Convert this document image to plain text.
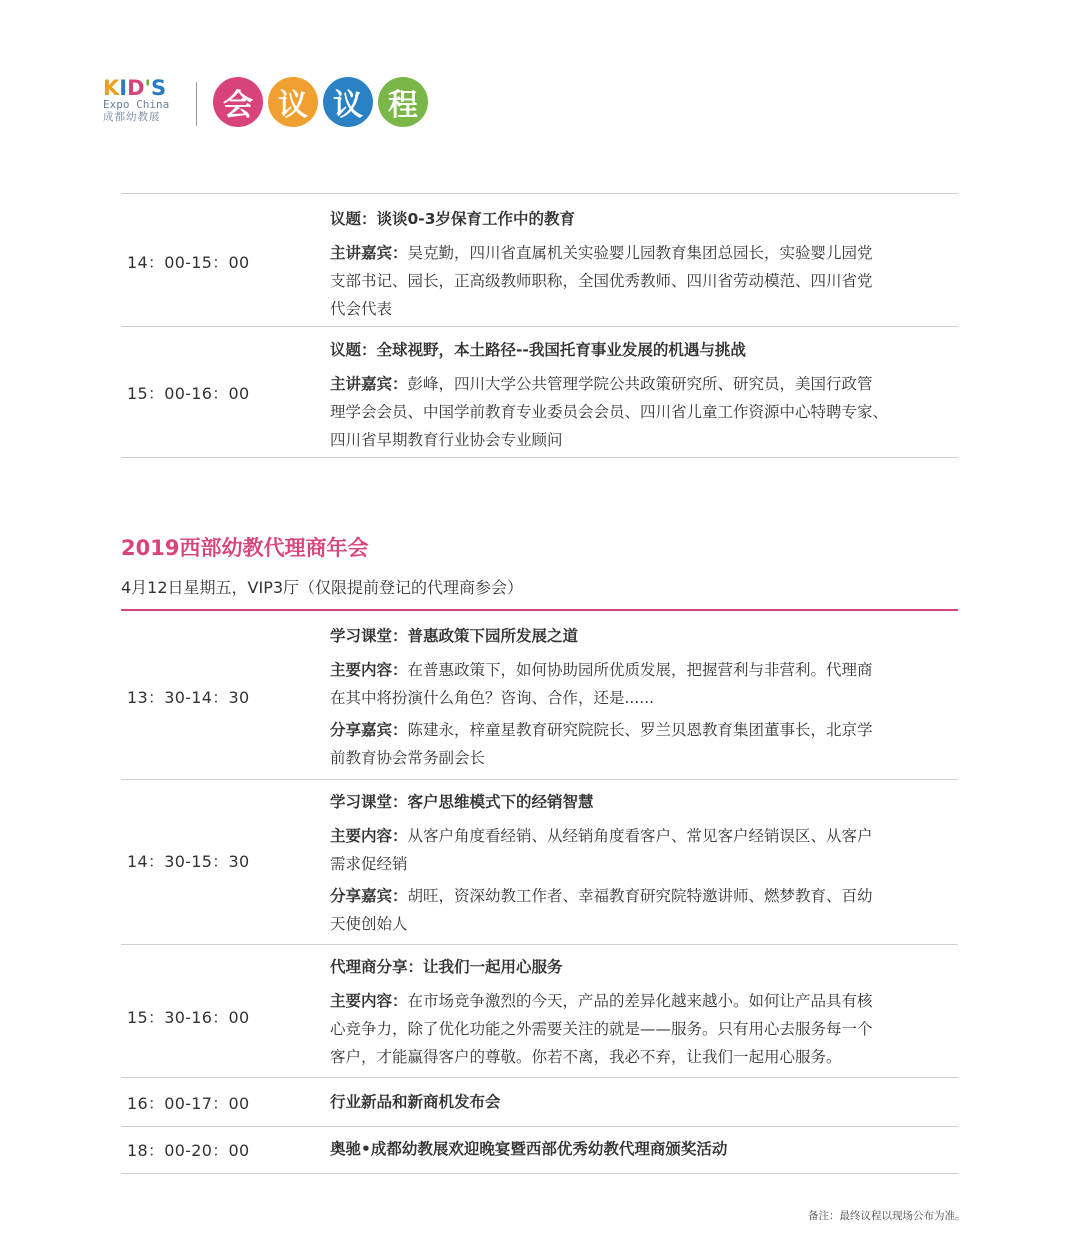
KID'S
Expo China
成都幼教展	会 议 议 程
14：00-15：00

议题：谈谈0-3岁保育工作中的教育

主讲嘉宾：吴克勤，四川省直属机关实验婴儿园教育集团总园长，实验婴儿园党

支部书记、园长，正高级教师职称，全国优秀教师、四川省劳动模范、四川省党

代会代表

15：00-16：00

议题：全球视野，本土路径--我国托育事业发展的机遇与挑战

主讲嘉宾：彭峰，四川大学公共管理学院公共政策研究所、研究员，美国行政管

理学会会员、中国学前教育专业委员会会员、四川省儿童工作资源中心特聘专家、

四川省早期教育行业协会专业顾问

2019西部幼教代理商年会
4月12日星期五，VIP3厅（仅限提前登记的代理商参会）
13：30-14：30

学习课堂：普惠政策下园所发展之道

主要内容：在普惠政策下，如何协助园所优质发展，把握营利与非营利。代理商

在其中将扮演什么角色？咨询、合作，还是......

分享嘉宾：陈建永，梓童星教育研究院院长、罗兰贝恩教育集团董事长，北京学

前教育协会常务副会长

14：30-15：30

学习课堂：客户思维模式下的经销智慧

主要内容：从客户角度看经销、从经销角度看客户、常见客户经销误区、从客户

需求促经销

分享嘉宾：胡旺，资深幼教工作者、幸福教育研究院特邀讲师、燃梦教育、百幼

天使创始人

15：30-16：00

代理商分享：让我们一起用心服务

主要内容：在市场竞争激烈的今天，产品的差异化越来越小。如何让产品具有核

心竞争力，除了优化功能之外需要关注的就是——服务。只有用心去服务每一个

客户，才能赢得客户的尊敬。你若不离，我必不弃，让我们一起用心服务。

16：00-17：00	行业新品和新商机发布会

18：00-20：00	奥驰•成都幼教展欢迎晚宴暨西部优秀幼教代理商颁奖活动

备注：最终议程以现场公布为准。
